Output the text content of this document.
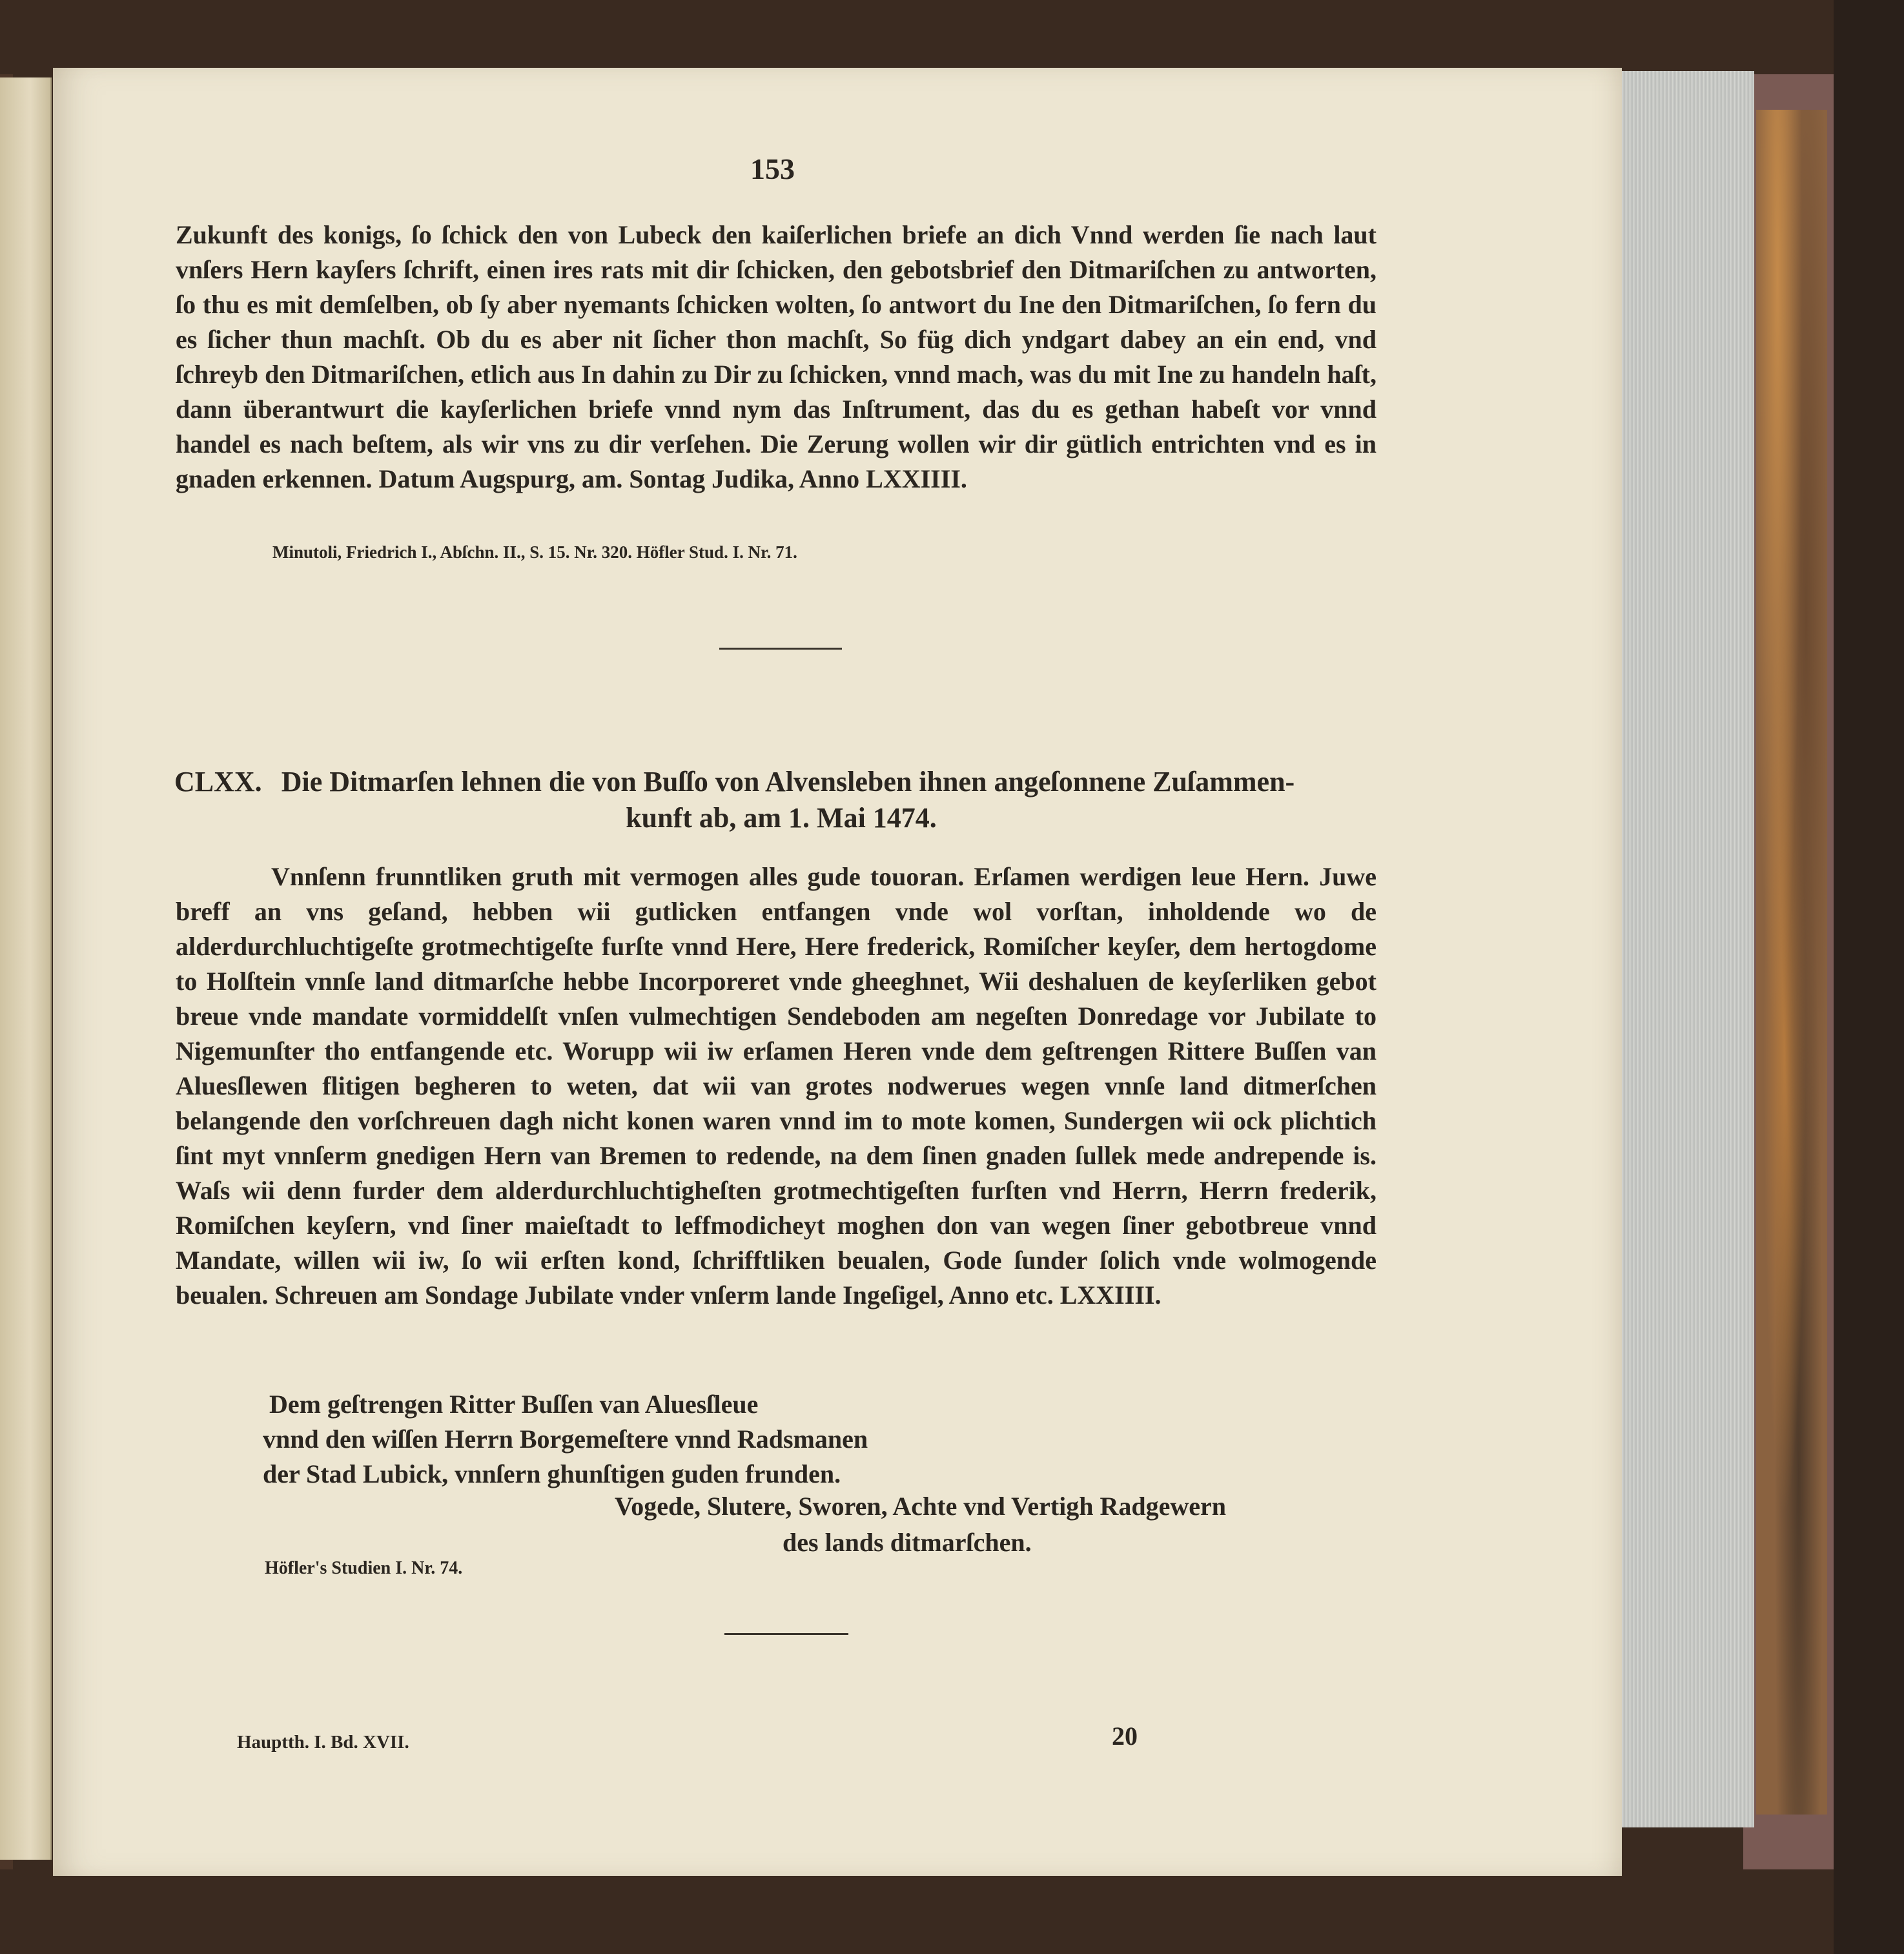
153

Zukunft des konigs, ſo ſchick den von Lubeck den kaiſerlichen briefe an dich Vnnd werden ſie nach laut vnſers Hern kayſers ſchrift, einen ires rats mit dir ſchicken, den gebotsbrief den Ditmariſchen zu antworten, ſo thu es mit demſelben, ob ſy aber nyemants ſchicken wolten, ſo antwort du Ine den Ditmariſchen, ſo fern du es ſicher thun machſt. Ob du es aber nit ſicher thon machſt, So füg dich yndgart dabey an ein end, vnd ſchreyb den Ditmariſchen, etlich aus In dahin zu Dir zu ſchicken, vnnd mach, was du mit Ine zu handeln haſt, dann überantwurt die kayſerlichen briefe vnnd nym das Inſtrument, das du es gethan habeſt vor vnnd handel es nach beſtem, als wir vns zu dir verſehen. Die Zerung wollen wir dir gütlich entrichten vnd es in gnaden erkennen. Datum Augspurg, am. Sontag Judika, Anno LXXIIII.

Minutoli, Friedrich I., Abſchn. II., S. 15. Nr. 320. Höfler Stud. I. Nr. 71.
CLXX. Die Ditmarſen lehnen die von Buſſo von Alvensleben ihnen angeſonnene Zuſammen-
kunft ab, am 1. Mai 1474.

Vnnſenn frunntliken gruth mit vermogen alles gude touoran. Erſamen werdigen leue Hern. Juwe breff an vns geſand, hebben wii gutlicken entfangen vnde wol vorſtan, inholdende wo de alderdurchluchtigeſte grotmechtigeſte furſte vnnd Here, Here frederick, Romiſcher keyſer, dem hertogdome to Holſtein vnnſe land ditmarſche hebbe Incorporeret vnde gheeghnet, Wii deshaluen de keyſerliken gebot breue vnde mandate vormiddelſt vnſen vulmechtigen Sendeboden am negeſten Donredage vor Jubilate to Nigemunſter tho entfangende etc. Worupp wii iw erſamen Heren vnde dem geſtrengen Rittere Buſſen van Aluesſlewen flitigen begheren to weten, dat wii van grotes nodwerues wegen vnnſe land ditmerſchen belangende den vorſchreuen dagh nicht konen waren vnnd im to mote komen, Sundergen wii ock plichtich ſint myt vnnſerm gnedigen Hern van Bremen to redende, na dem ſinen gnaden ſullek mede andrepende is. Waſs wii denn furder dem alderdurchluchtigheſten grotmechtigeſten furſten vnd Herrn, Herrn frederik, Romiſchen keyſern, vnd ſiner maieſtadt to leffmodicheyt moghen don van wegen ſiner gebotbreue vnnd Mandate, willen wii iw, ſo wii erſten kond, ſchrifftliken beualen, Gode ſunder ſolich vnde wolmogende beualen. Schreuen am Sondage Jubilate vnder vnſerm lande Ingeſigel, Anno etc. LXXIIII.

Dem geſtrengen Ritter Buſſen van Aluesſleue
vnnd den wiſſen Herrn Borgemeſtere vnnd Radsmanen
der Stad Lubick, vnnſern ghunſtigen guden frunden.
Vogede, Slutere, Sworen, Achte vnd Vertigh Radgewern
des lands ditmarſchen.
Höfler's Studien I. Nr. 74.
Hauptth. I. Bd. XVII.	20
